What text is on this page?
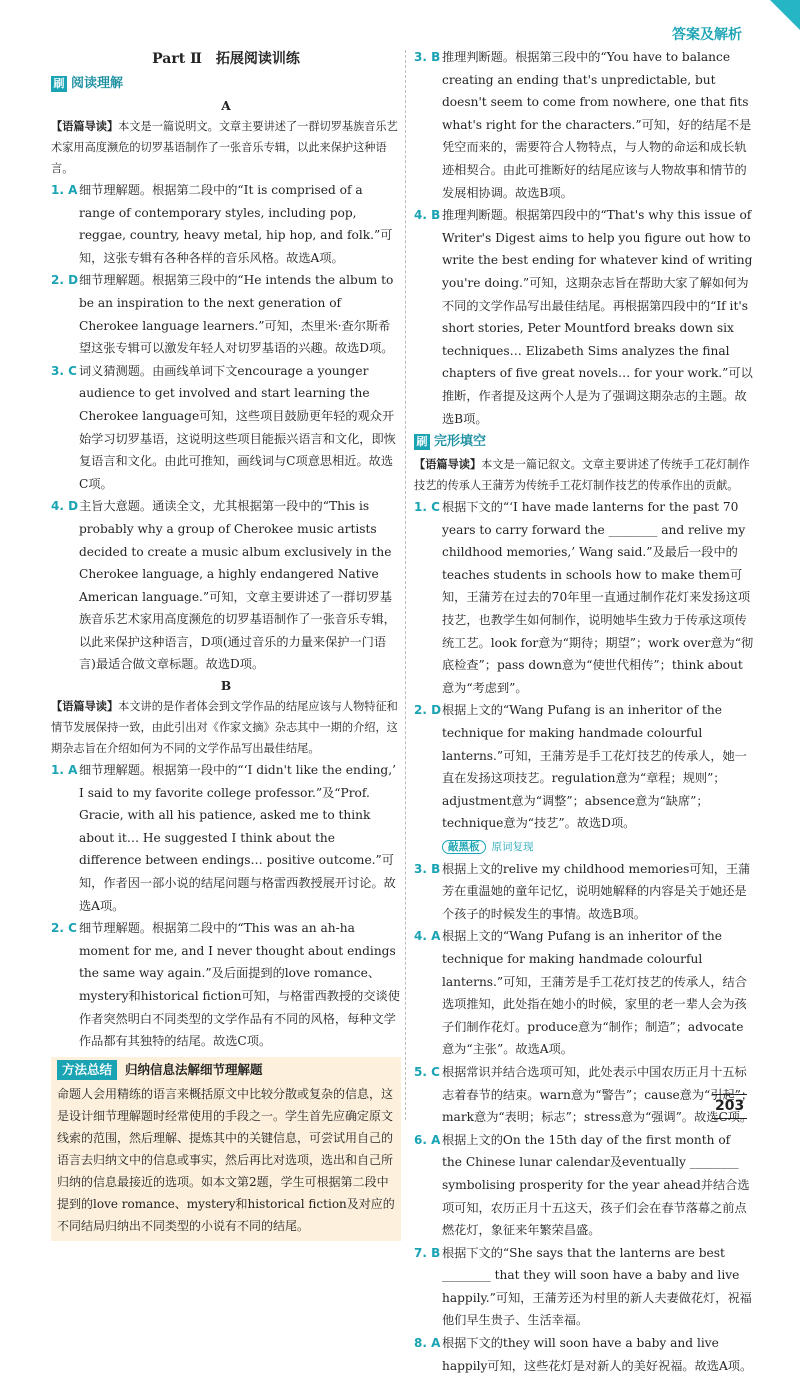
答案及解析
Part Ⅱ　拓展阅读训练
刷 阅读理解
A

【语篇导读】本文是一篇说明文。文章主要讲述了一群切罗基族音乐艺术家用高度濒危的切罗基语制作了一张音乐专辑，以此来保护这种语言。

1. A 细节理解题。根据第二段中的“It is comprised of a range of contemporary styles, including pop, reggae, country, heavy metal, hip hop, and folk.”可知，这张专辑有各种各样的音乐风格。故选A项。
2. D 细节理解题。根据第三段中的“He intends the album to be an inspiration to the next generation of Cherokee language learners.”可知，杰里米·查尔斯希望这张专辑可以激发年轻人对切罗基语的兴趣。故选D项。
3. C 词义猜测题。由画线单词下文encourage a younger audience to get involved and start learning the Cherokee language可知，这些项目鼓励更年轻的观众开始学习切罗基语，这说明这些项目能振兴语言和文化，即恢复语言和文化。由此可推知，画线词与C项意思相近。故选C项。
4. D 主旨大意题。通读全文，尤其根据第一段中的“This is probably why a group of Cherokee music artists decided to create a music album exclusively in the Cherokee language, a highly endangered Native American language.”可知，文章主要讲述了一群切罗基族音乐艺术家用高度濒危的切罗基语制作了一张音乐专辑，以此来保护这种语言，D项(通过音乐的力量来保护一门语言)最适合做文章标题。故选D项。
B

【语篇导读】本文讲的是作者体会到文学作品的结尾应该与人物特征和情节发展保持一致，由此引出对《作家文摘》杂志其中一期的介绍，这期杂志旨在介绍如何为不同的文学作品写出最佳结尾。

1. A 细节理解题。根据第一段中的“‘I didn't like the ending,’ I said to my favorite college professor.”及“Prof. Gracie, with all his patience, asked me to think about it… He suggested I think about the difference between endings… positive outcome.”可知，作者因一部小说的结尾问题与格雷西教授展开讨论。故选A项。
2. C 细节理解题。根据第二段中的“This was an ah-ha moment for me, and I never thought about endings the same way again.”及后面提到的love romance、mystery和historical fiction可知，与格雷西教授的交谈使作者突然明白不同类型的文学作品有不同的风格，每种文学作品都有其独特的结尾。故选C项。
方法总结	归纳信息法解细节理解题

命题人会用精练的语言来概括原文中比较分散或复杂的信息，这是设计细节理解题时经常使用的手段之一。学生首先应确定原文线索的范围，然后理解、提炼其中的关键信息，可尝试用自己的语言去归纳文中的信息或事实，然后再比对选项，选出和自己所归纳的信息最接近的选项。如本文第2题，学生可根据第二段中提到的love romance、mystery和historical fiction及对应的不同结局归纳出不同类型的小说有不同的结尾。

3. B 推理判断题。根据第三段中的“You have to balance creating an ending that's unpredictable, but doesn't seem to come from nowhere, one that fits what's right for the characters.”可知，好的结尾不是凭空而来的，需要符合人物特点，与人物的命运和成长轨迹相契合。由此可推断好的结尾应该与人物故事和情节的发展相协调。故选B项。
4. B 推理判断题。根据第四段中的“That's why this issue of Writer's Digest aims to help you figure out how to write the best ending for whatever kind of writing you're doing.”可知，这期杂志旨在帮助大家了解如何为不同的文学作品写出最佳结尾。再根据第四段中的“If it's short stories, Peter Mountford breaks down six techniques… Elizabeth Sims analyzes the final chapters of five great novels… for your work.”可以推断，作者提及这两个人是为了强调这期杂志的主题。故选B项。
刷 完形填空

【语篇导读】本文是一篇记叙文。文章主要讲述了传统手工花灯制作技艺的传承人王蒲芳为传统手工花灯制作技艺的传承作出的贡献。

1. C 根据下文的“‘I have made lanterns for the past 70 years to carry forward the ________ and relive my childhood memories,’ Wang said.”及最后一段中的teaches students in schools how to make them可知，王蒲芳在过去的70年里一直通过制作花灯来发扬这项技艺，也教学生如何制作，说明她毕生致力于传承这项传统工艺。look for意为“期待；期望”；work over意为“彻底检查”；pass down意为“使世代相传”；think about意为“考虑到”。
2. D 根据上文的“Wang Pufang is an inheritor of the technique for making handmade colourful lanterns.”可知，王蒲芳是手工花灯技艺的传承人，她一直在发扬这项技艺。regulation意为“章程；规则”；adjustment意为“调整”；absence意为“缺席”；technique意为“技艺”。故选D项。
敲黑板 原词复现
3. B 根据上文的relive my childhood memories可知，王蒲芳在重温她的童年记忆，说明她解释的内容是关于她还是个孩子的时候发生的事情。故选B项。
4. A 根据上文的“Wang Pufang is an inheritor of the technique for making handmade colourful lanterns.”可知，王蒲芳是手工花灯技艺的传承人，结合选项推知，此处指在她小的时候，家里的老一辈人会为孩子们制作花灯。produce意为“制作；制造”；advocate意为“主张”。故选A项。
5. C 根据常识并结合选项可知，此处表示中国农历正月十五标志着春节的结束。warn意为“警告”；cause意为“引起”；mark意为“表明；标志”；stress意为“强调”。故选C项。
6. A 根据上文的On the 15th day of the first month of the Chinese lunar calendar及eventually ________ symbolising prosperity for the year ahead并结合选项可知，农历正月十五这天，孩子们会在春节落幕之前点燃花灯，象征来年繁荣昌盛。
7. B 根据下文的“She says that the lanterns are best ________ that they will soon have a baby and live happily.”可知，王蒲芳还为村里的新人夫妻做花灯，祝福他们早生贵子、生活幸福。
8. A 根据下文的they will soon have a baby and live happily可知，这些花灯是对新人的美好祝福。故选A项。
203
